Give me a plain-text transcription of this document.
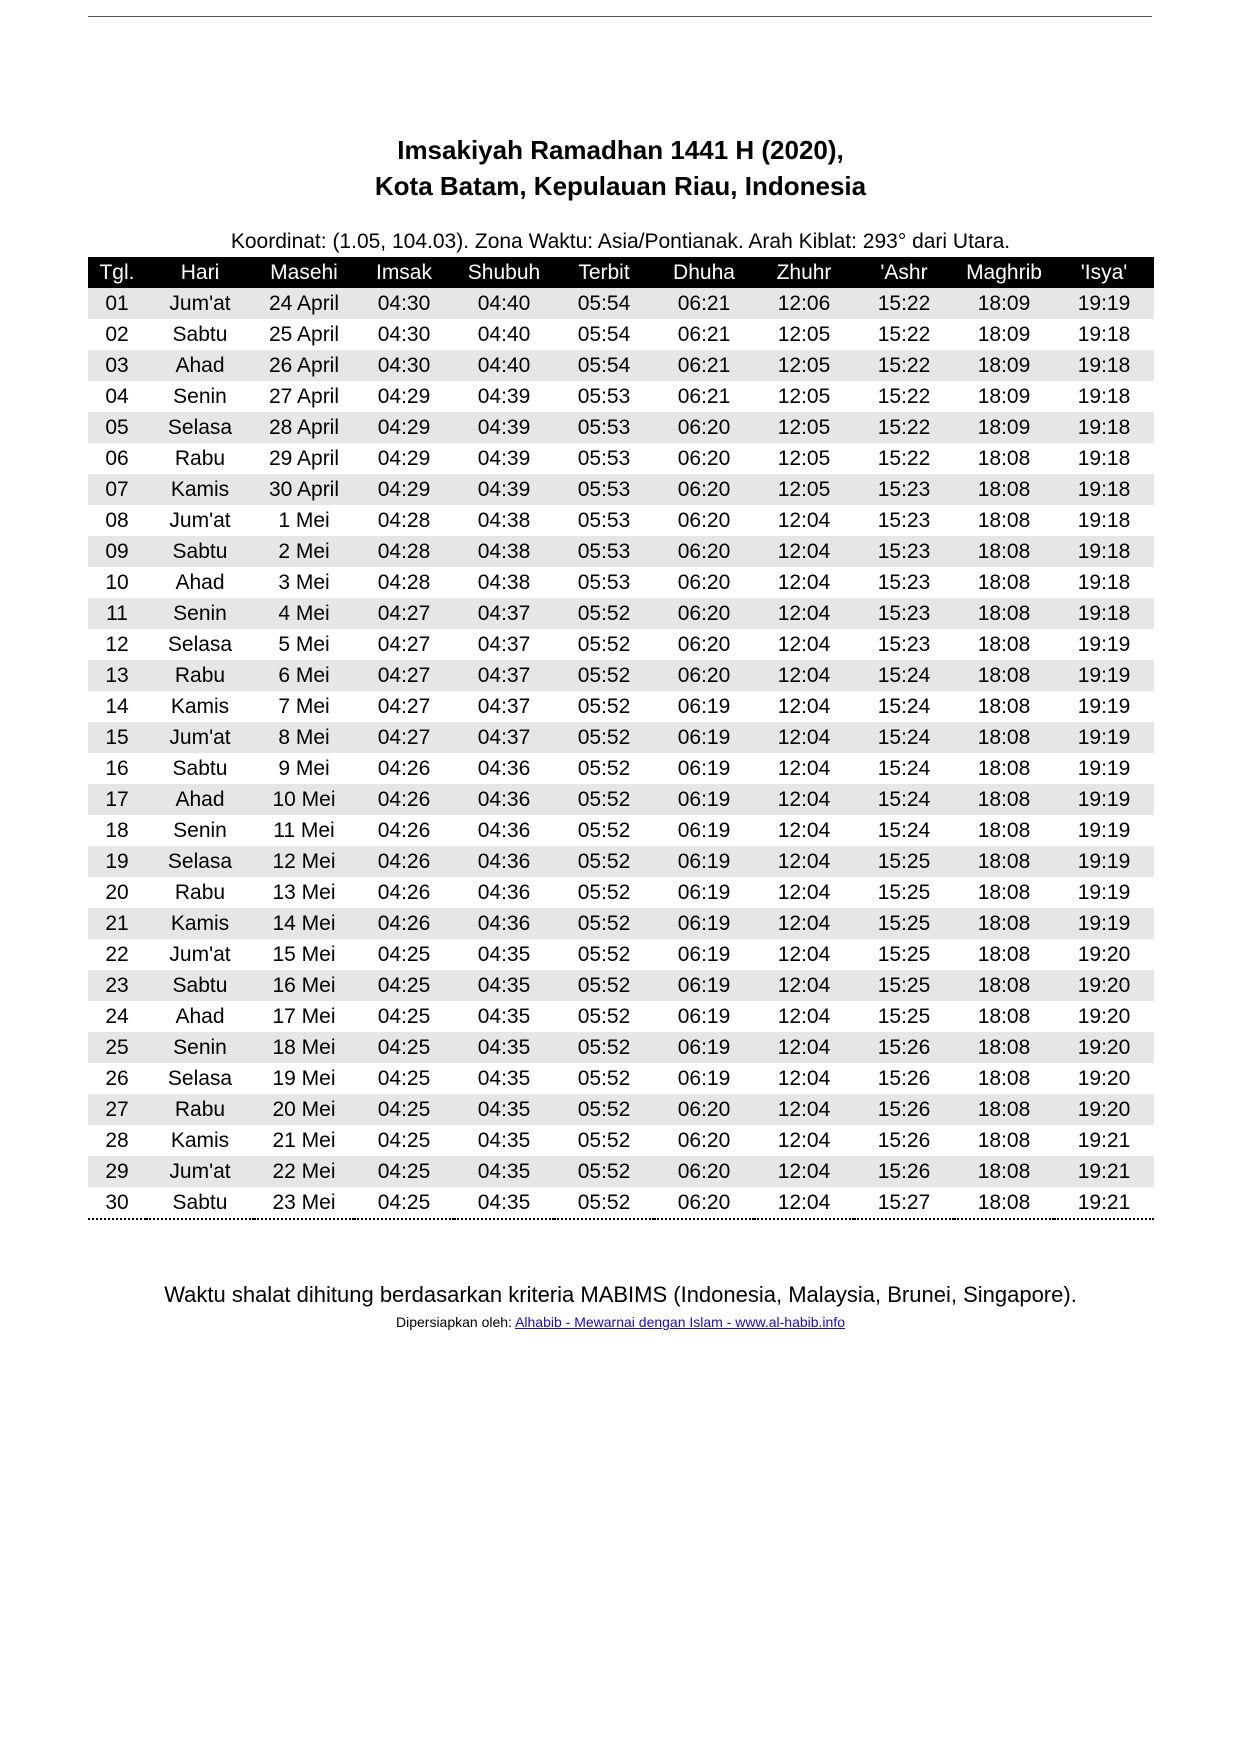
Imsakiyah Ramadhan 1441 H (2020),
Kota Batam, Kepulauan Riau, Indonesia
Koordinat: (1.05, 104.03). Zona Waktu: Asia/Pontianak. Arah Kiblat: 293° dari Utara.
Tgl.	Hari	Masehi	Imsak	Shubuh	Terbit	Dhuha	Zhuhr	'Ashr	Maghrib	'Isya'
01	Jum'at	24 April	04:30	04:40	05:54	06:21	12:06	15:22	18:09	19:19
02	Sabtu	25 April	04:30	04:40	05:54	06:21	12:05	15:22	18:09	19:18
03	Ahad	26 April	04:30	04:40	05:54	06:21	12:05	15:22	18:09	19:18
04	Senin	27 April	04:29	04:39	05:53	06:21	12:05	15:22	18:09	19:18
05	Selasa	28 April	04:29	04:39	05:53	06:20	12:05	15:22	18:09	19:18
06	Rabu	29 April	04:29	04:39	05:53	06:20	12:05	15:22	18:08	19:18
07	Kamis	30 April	04:29	04:39	05:53	06:20	12:05	15:23	18:08	19:18
08	Jum'at	1 Mei	04:28	04:38	05:53	06:20	12:04	15:23	18:08	19:18
09	Sabtu	2 Mei	04:28	04:38	05:53	06:20	12:04	15:23	18:08	19:18
10	Ahad	3 Mei	04:28	04:38	05:53	06:20	12:04	15:23	18:08	19:18
11	Senin	4 Mei	04:27	04:37	05:52	06:20	12:04	15:23	18:08	19:18
12	Selasa	5 Mei	04:27	04:37	05:52	06:20	12:04	15:23	18:08	19:19
13	Rabu	6 Mei	04:27	04:37	05:52	06:20	12:04	15:24	18:08	19:19
14	Kamis	7 Mei	04:27	04:37	05:52	06:19	12:04	15:24	18:08	19:19
15	Jum'at	8 Mei	04:27	04:37	05:52	06:19	12:04	15:24	18:08	19:19
16	Sabtu	9 Mei	04:26	04:36	05:52	06:19	12:04	15:24	18:08	19:19
17	Ahad	10 Mei	04:26	04:36	05:52	06:19	12:04	15:24	18:08	19:19
18	Senin	11 Mei	04:26	04:36	05:52	06:19	12:04	15:24	18:08	19:19
19	Selasa	12 Mei	04:26	04:36	05:52	06:19	12:04	15:25	18:08	19:19
20	Rabu	13 Mei	04:26	04:36	05:52	06:19	12:04	15:25	18:08	19:19
21	Kamis	14 Mei	04:26	04:36	05:52	06:19	12:04	15:25	18:08	19:19
22	Jum'at	15 Mei	04:25	04:35	05:52	06:19	12:04	15:25	18:08	19:20
23	Sabtu	16 Mei	04:25	04:35	05:52	06:19	12:04	15:25	18:08	19:20
24	Ahad	17 Mei	04:25	04:35	05:52	06:19	12:04	15:25	18:08	19:20
25	Senin	18 Mei	04:25	04:35	05:52	06:19	12:04	15:26	18:08	19:20
26	Selasa	19 Mei	04:25	04:35	05:52	06:19	12:04	15:26	18:08	19:20
27	Rabu	20 Mei	04:25	04:35	05:52	06:20	12:04	15:26	18:08	19:20
28	Kamis	21 Mei	04:25	04:35	05:52	06:20	12:04	15:26	18:08	19:21
29	Jum'at	22 Mei	04:25	04:35	05:52	06:20	12:04	15:26	18:08	19:21
30	Sabtu	23 Mei	04:25	04:35	05:52	06:20	12:04	15:27	18:08	19:21
Waktu shalat dihitung berdasarkan kriteria MABIMS (Indonesia, Malaysia, Brunei, Singapore).
Dipersiapkan oleh: Alhabib - Mewarnai dengan Islam - www.al-habib.info
